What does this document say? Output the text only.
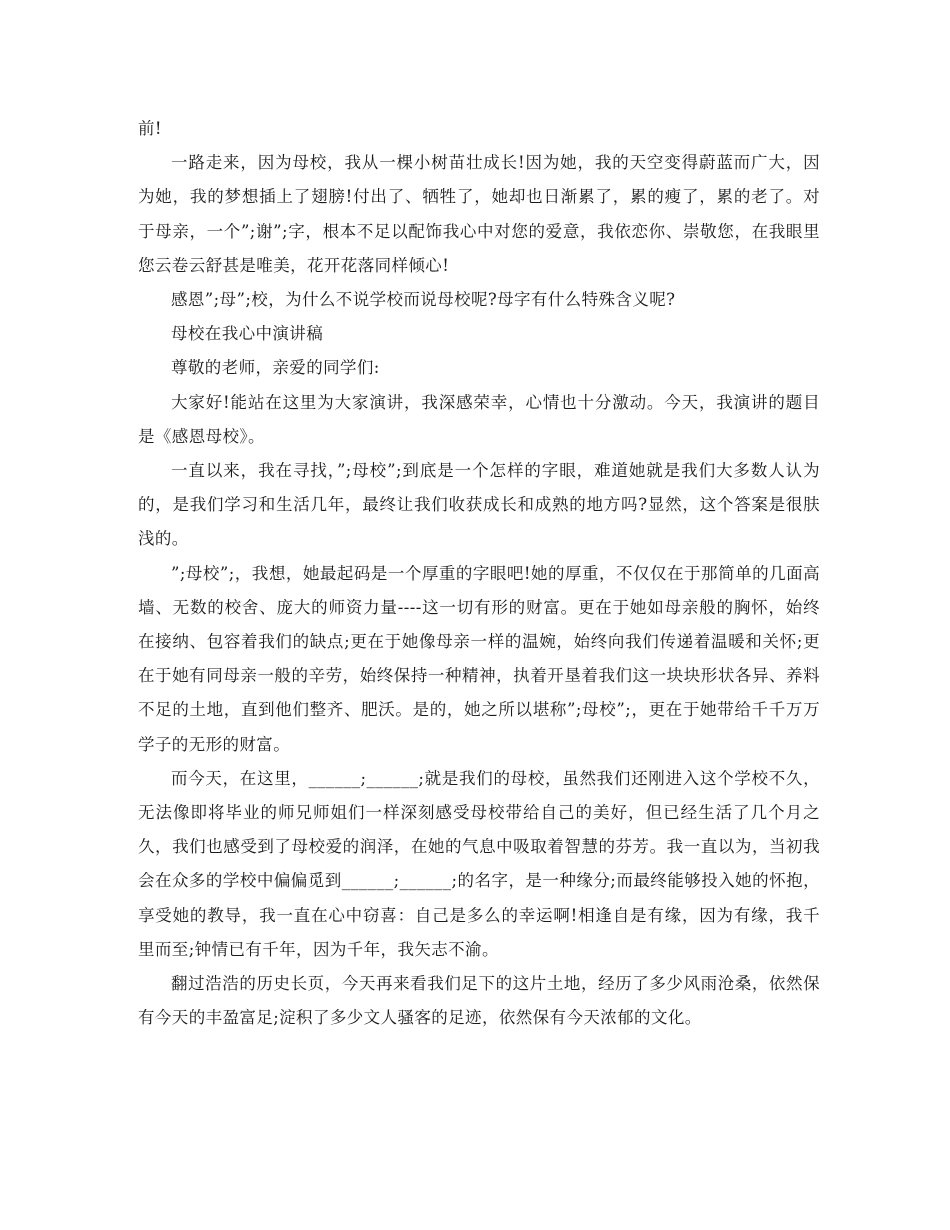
前!

一路走来，因为母校，我从一棵小树苗壮成长!因为她，我的天空变得蔚蓝而广大，因为她，我的梦想插上了翅膀!付出了、牺牲了，她却也日渐累了，累的瘦了，累的老了。对于母亲，一个”;谢”;字，根本不足以配饰我心中对您的爱意，我依恋你、崇敬您，在我眼里您云卷云舒甚是唯美，花开花落同样倾心!

感恩”;母”;校，为什么不说学校而说母校呢?母字有什么特殊含义呢?

母校在我心中演讲稿

尊敬的老师，亲爱的同学们:

大家好!能站在这里为大家演讲，我深感荣幸，心情也十分激动。今天，我演讲的题目是《感恩母校》。

一直以来，我在寻找，”;母校”;到底是一个怎样的字眼，难道她就是我们大多数人认为的，是我们学习和生活几年，最终让我们收获成长和成熟的地方吗?显然，这个答案是很肤浅的。

”;母校”;，我想，她最起码是一个厚重的字眼吧!她的厚重，不仅仅在于那简单的几面高墙、无数的校舍、庞大的师资力量----这一切有形的财富。更在于她如母亲般的胸怀，始终在接纳、包容着我们的缺点;更在于她像母亲一样的温婉，始终向我们传递着温暖和关怀;更在于她有同母亲一般的辛劳，始终保持一种精神，执着开垦着我们这一块块形状各异、养料不足的土地，直到他们整齐、肥沃。是的，她之所以堪称”;母校”;，更在于她带给千千万万学子的无形的财富。

而今天，在这里，______;______;就是我们的母校，虽然我们还刚进入这个学校不久，无法像即将毕业的师兄师姐们一样深刻感受母校带给自己的美好，但已经生活了几个月之久，我们也感受到了母校爱的润泽，在她的气息中吸取着智慧的芬芳。我一直以为，当初我会在众多的学校中偏偏觅到______;______;的名字，是一种缘分;而最终能够投入她的怀抱，享受她的教导，我一直在心中窃喜：自己是多么的幸运啊!相逢自是有缘，因为有缘，我千里而至;钟情已有千年，因为千年，我矢志不渝。

翻过浩浩的历史长页，今天再来看我们足下的这片土地，经历了多少风雨沧桑，依然保有今天的丰盈富足;淀积了多少文人骚客的足迹，依然保有今天浓郁的文化。
